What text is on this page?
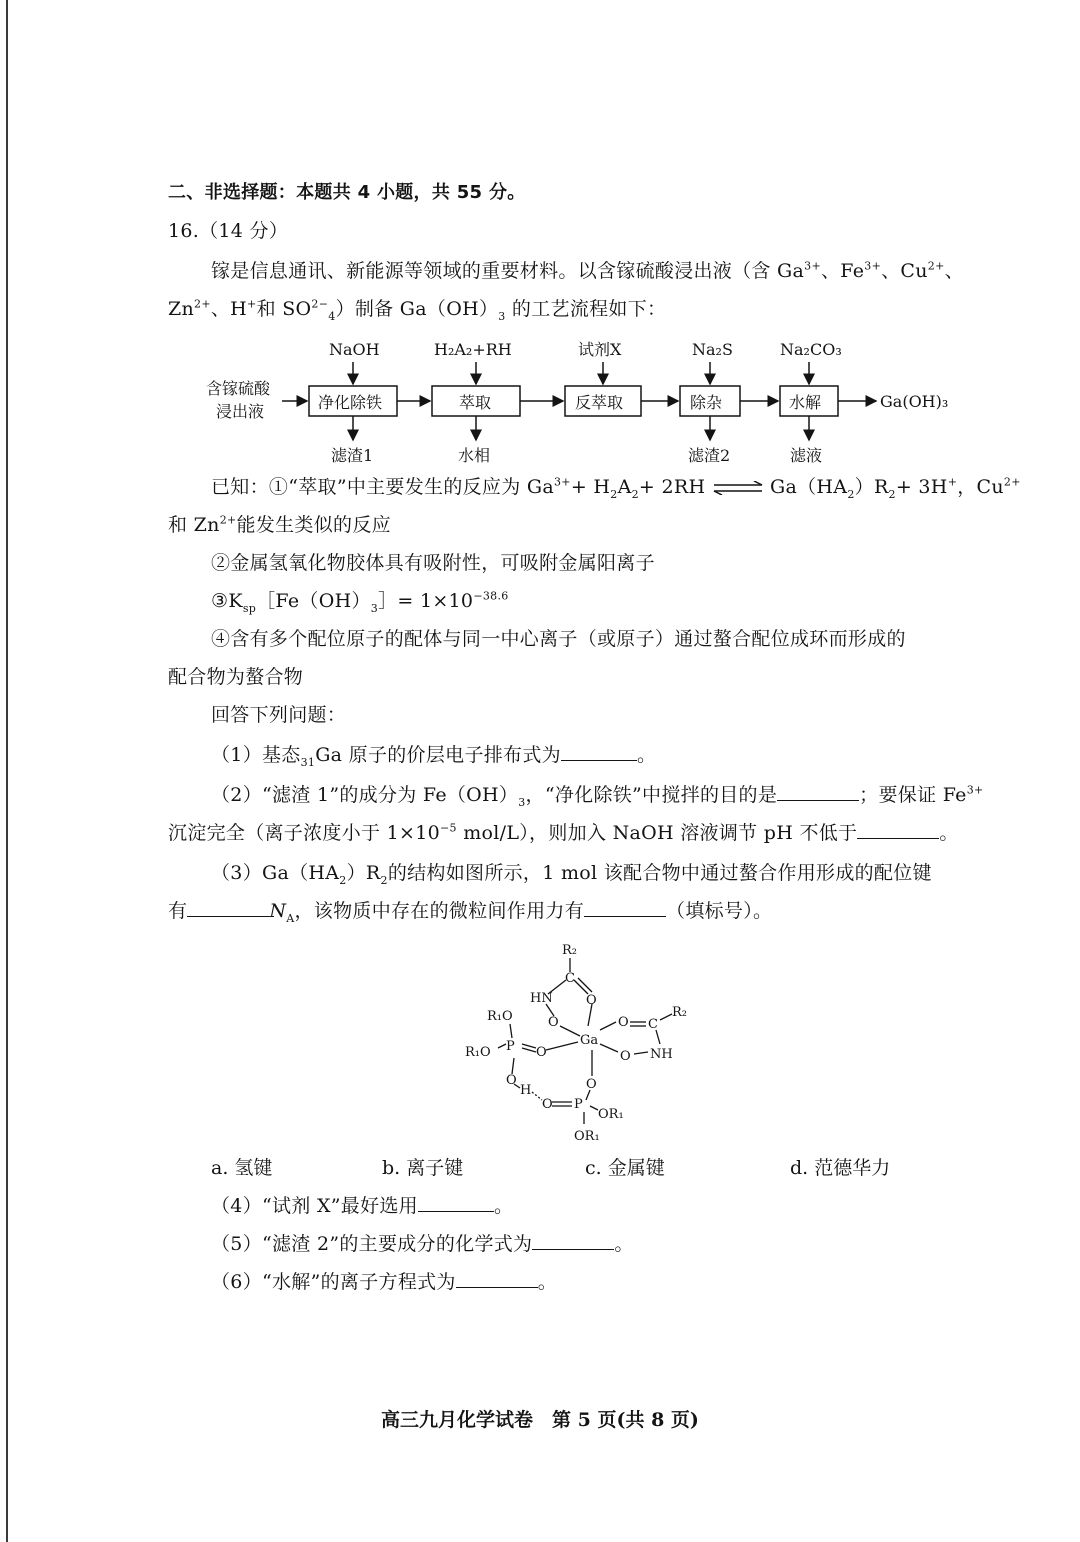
二、非选择题：本题共 4 小题，共 55 分。
16.（14 分）
镓是信息通讯、新能源等领域的重要材料。以含镓硫酸浸出液（含 $Ga^{3+}$、$Fe^{3+}$、$Cu^{2+}$、
$Zn^{2+}$、H+和 $SO^{2-}_4$）制备 $Ga(OH)_3$ 的工艺流程如下：
含镓硫酸
浸出液	净化除铁	萃取	反萃取	除杂	水解	Ga(OH)₃
NaOH	H₂A₂+RH	试剂X	Na₂S	Na₂CO₃
滤渣1	水相	滤渣2	滤液
已知：①“萃取”中主要发生的反应为 $Ga^{3+}+ H_2A_2+ 2RH$ ⇌ $Ga(HA_2)R_2+ 3H^+$，$Cu^{2+}$
和 $Zn^{2+}$能发生类似的反应
②金属氢氧化物胶体具有吸附性，可吸附金属阳离子
$③K_{sp}[Fe(OH)_3]= 1\times 10^{-38.6}$
④含有多个配位原子的配体与同一中心离子（或原子）通过螯合配位成环而形成的
配合物为螯合物
回答下列问题：
（1）基态$_{31}$Ga 原子的价层电子排布式为	。
（2）“滤渣 1”的成分为 $Fe(OH)_3$，“净化除铁”中搅拌的目的是	；要保证 $Fe^{3+}$
沉淀完全（离子浓度小于 $1\times 10^{-5}$ mol/L），则加入 NaOH 溶液调节 pH 不低于	。
$(3)Ga(HA_2)R_2$的结构如图所示，1 mol 该配合物中通过螯合作用形成的配位键
有	$N_A$，该物质中存在的微粒间作用力有	（填标号）。
R₂
C
HN	O
R₁O
P
O
R₁O	O
Ga
O C
R₂
O NH
O
H
O P
OR₁
OR₁
O
a. 氢键	b. 离子键	c. 金属键	d. 范德华力
（4）“试剂 X”最好选用	。
（5）“滤渣 2”的主要成分的化学式为	。
（6）“水解”的离子方程式为	。
高三九月化学试卷　第 5 页(共 8 页)
